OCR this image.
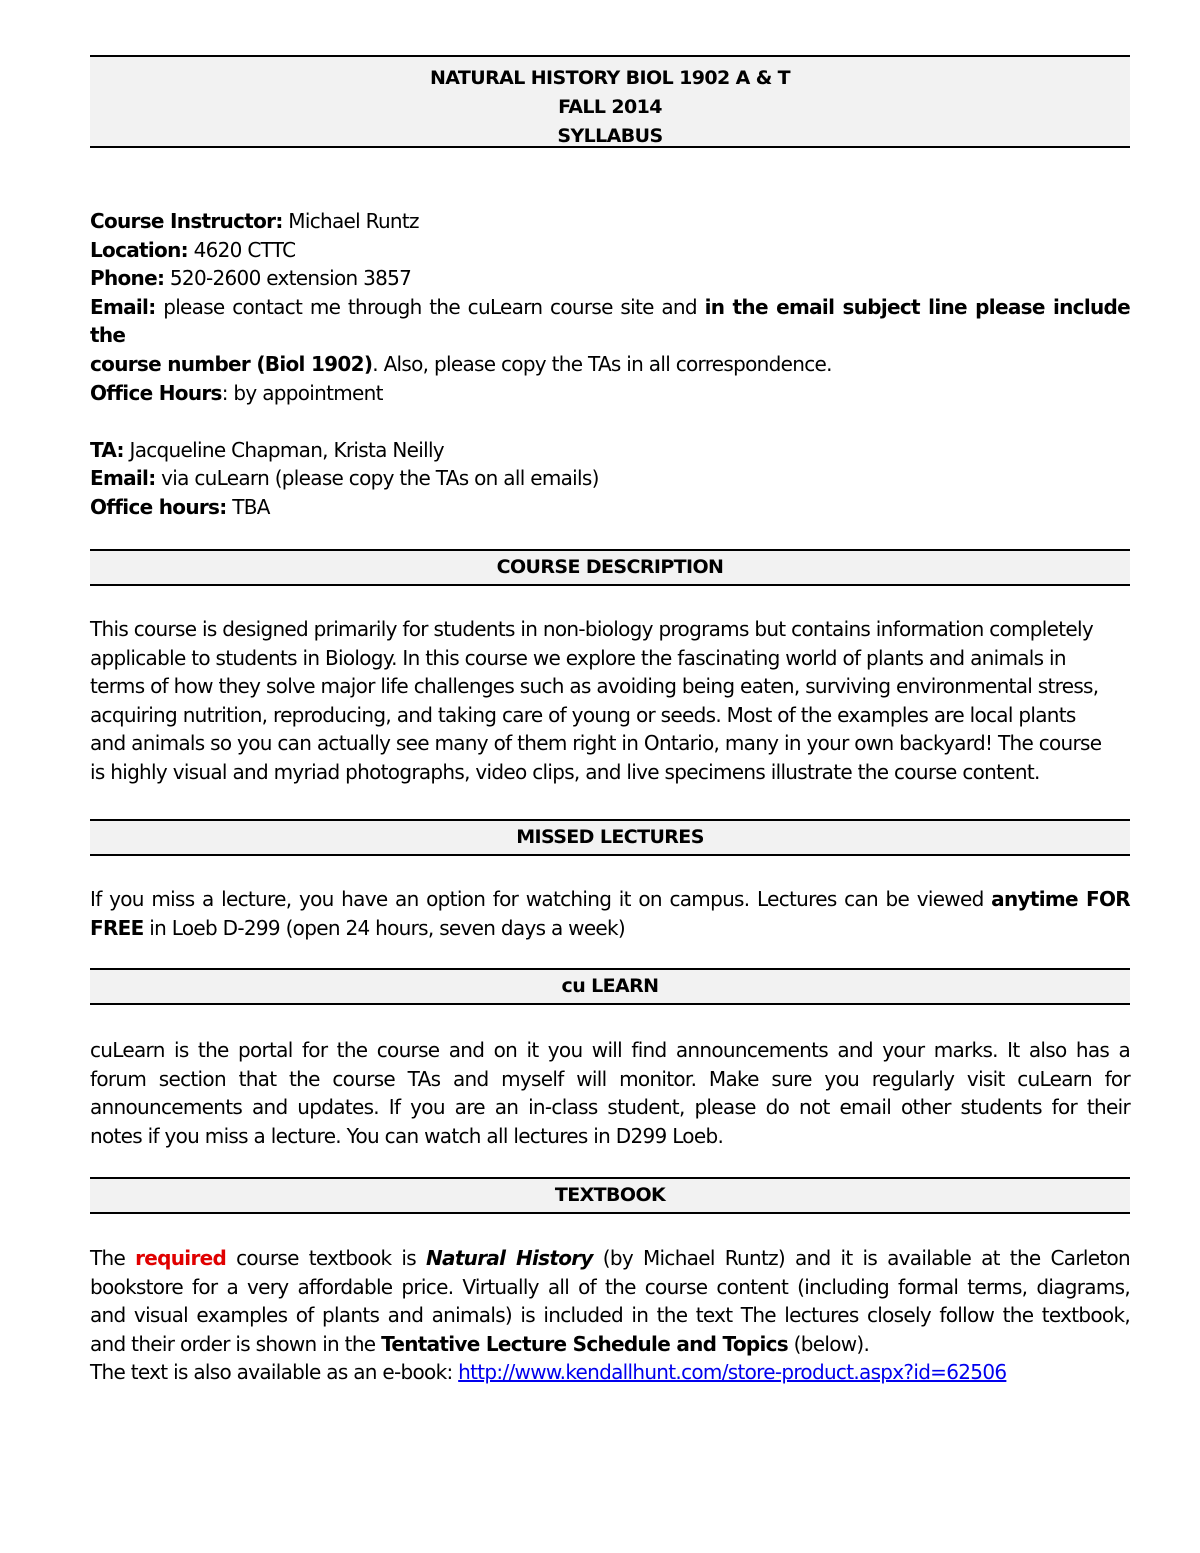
NATURAL HISTORY BIOL 1902 A & T
FALL 2014
SYLLABUS
Course Instructor: Michael Runtz
Location: 4620 CTTC
Phone: 520-2600 extension 3857
Email: please contact me through the cuLearn course site and in the email subject line please include the
course number (Biol 1902). Also, please copy the TAs in all correspondence.
Office Hours: by appointment
TA: Jacqueline Chapman, Krista Neilly
Email: via cuLearn (please copy the TAs on all emails)
Office hours: TBA
COURSE DESCRIPTION
This course is designed primarily for students in non-biology programs but contains information completely
applicable to students in Biology. In this course we explore the fascinating world of plants and animals in
terms of how they solve major life challenges such as avoiding being eaten, surviving environmental stress,
acquiring nutrition, reproducing, and taking care of young or seeds. Most of the examples are local plants
and animals so you can actually see many of them right in Ontario, many in your own backyard! The course
is highly visual and myriad photographs, video clips, and live specimens illustrate the course content.
MISSED LECTURES
If you miss a lecture, you have an option for watching it on campus. Lectures can be viewed anytime FOR
FREE in Loeb D-299 (open 24 hours, seven days a week)
cu LEARN
cuLearn is the portal for the course and on it you will find announcements and your marks. It also has a
forum section that the course TAs and myself will monitor. Make sure you regularly visit cuLearn for
announcements and updates. If you are an in-class student, please do not email other students for their
notes if you miss a lecture. You can watch all lectures in D299 Loeb.
TEXTBOOK
The required course textbook is Natural History (by Michael Runtz) and it is available at the Carleton
bookstore for a very affordable price. Virtually all of the course content (including formal terms, diagrams,
and visual examples of plants and animals) is included in the text The lectures closely follow the textbook,
and their order is shown in the Tentative Lecture Schedule and Topics (below).
The text is also available as an e-book: http://www.kendallhunt.com/store-product.aspx?id=62506
